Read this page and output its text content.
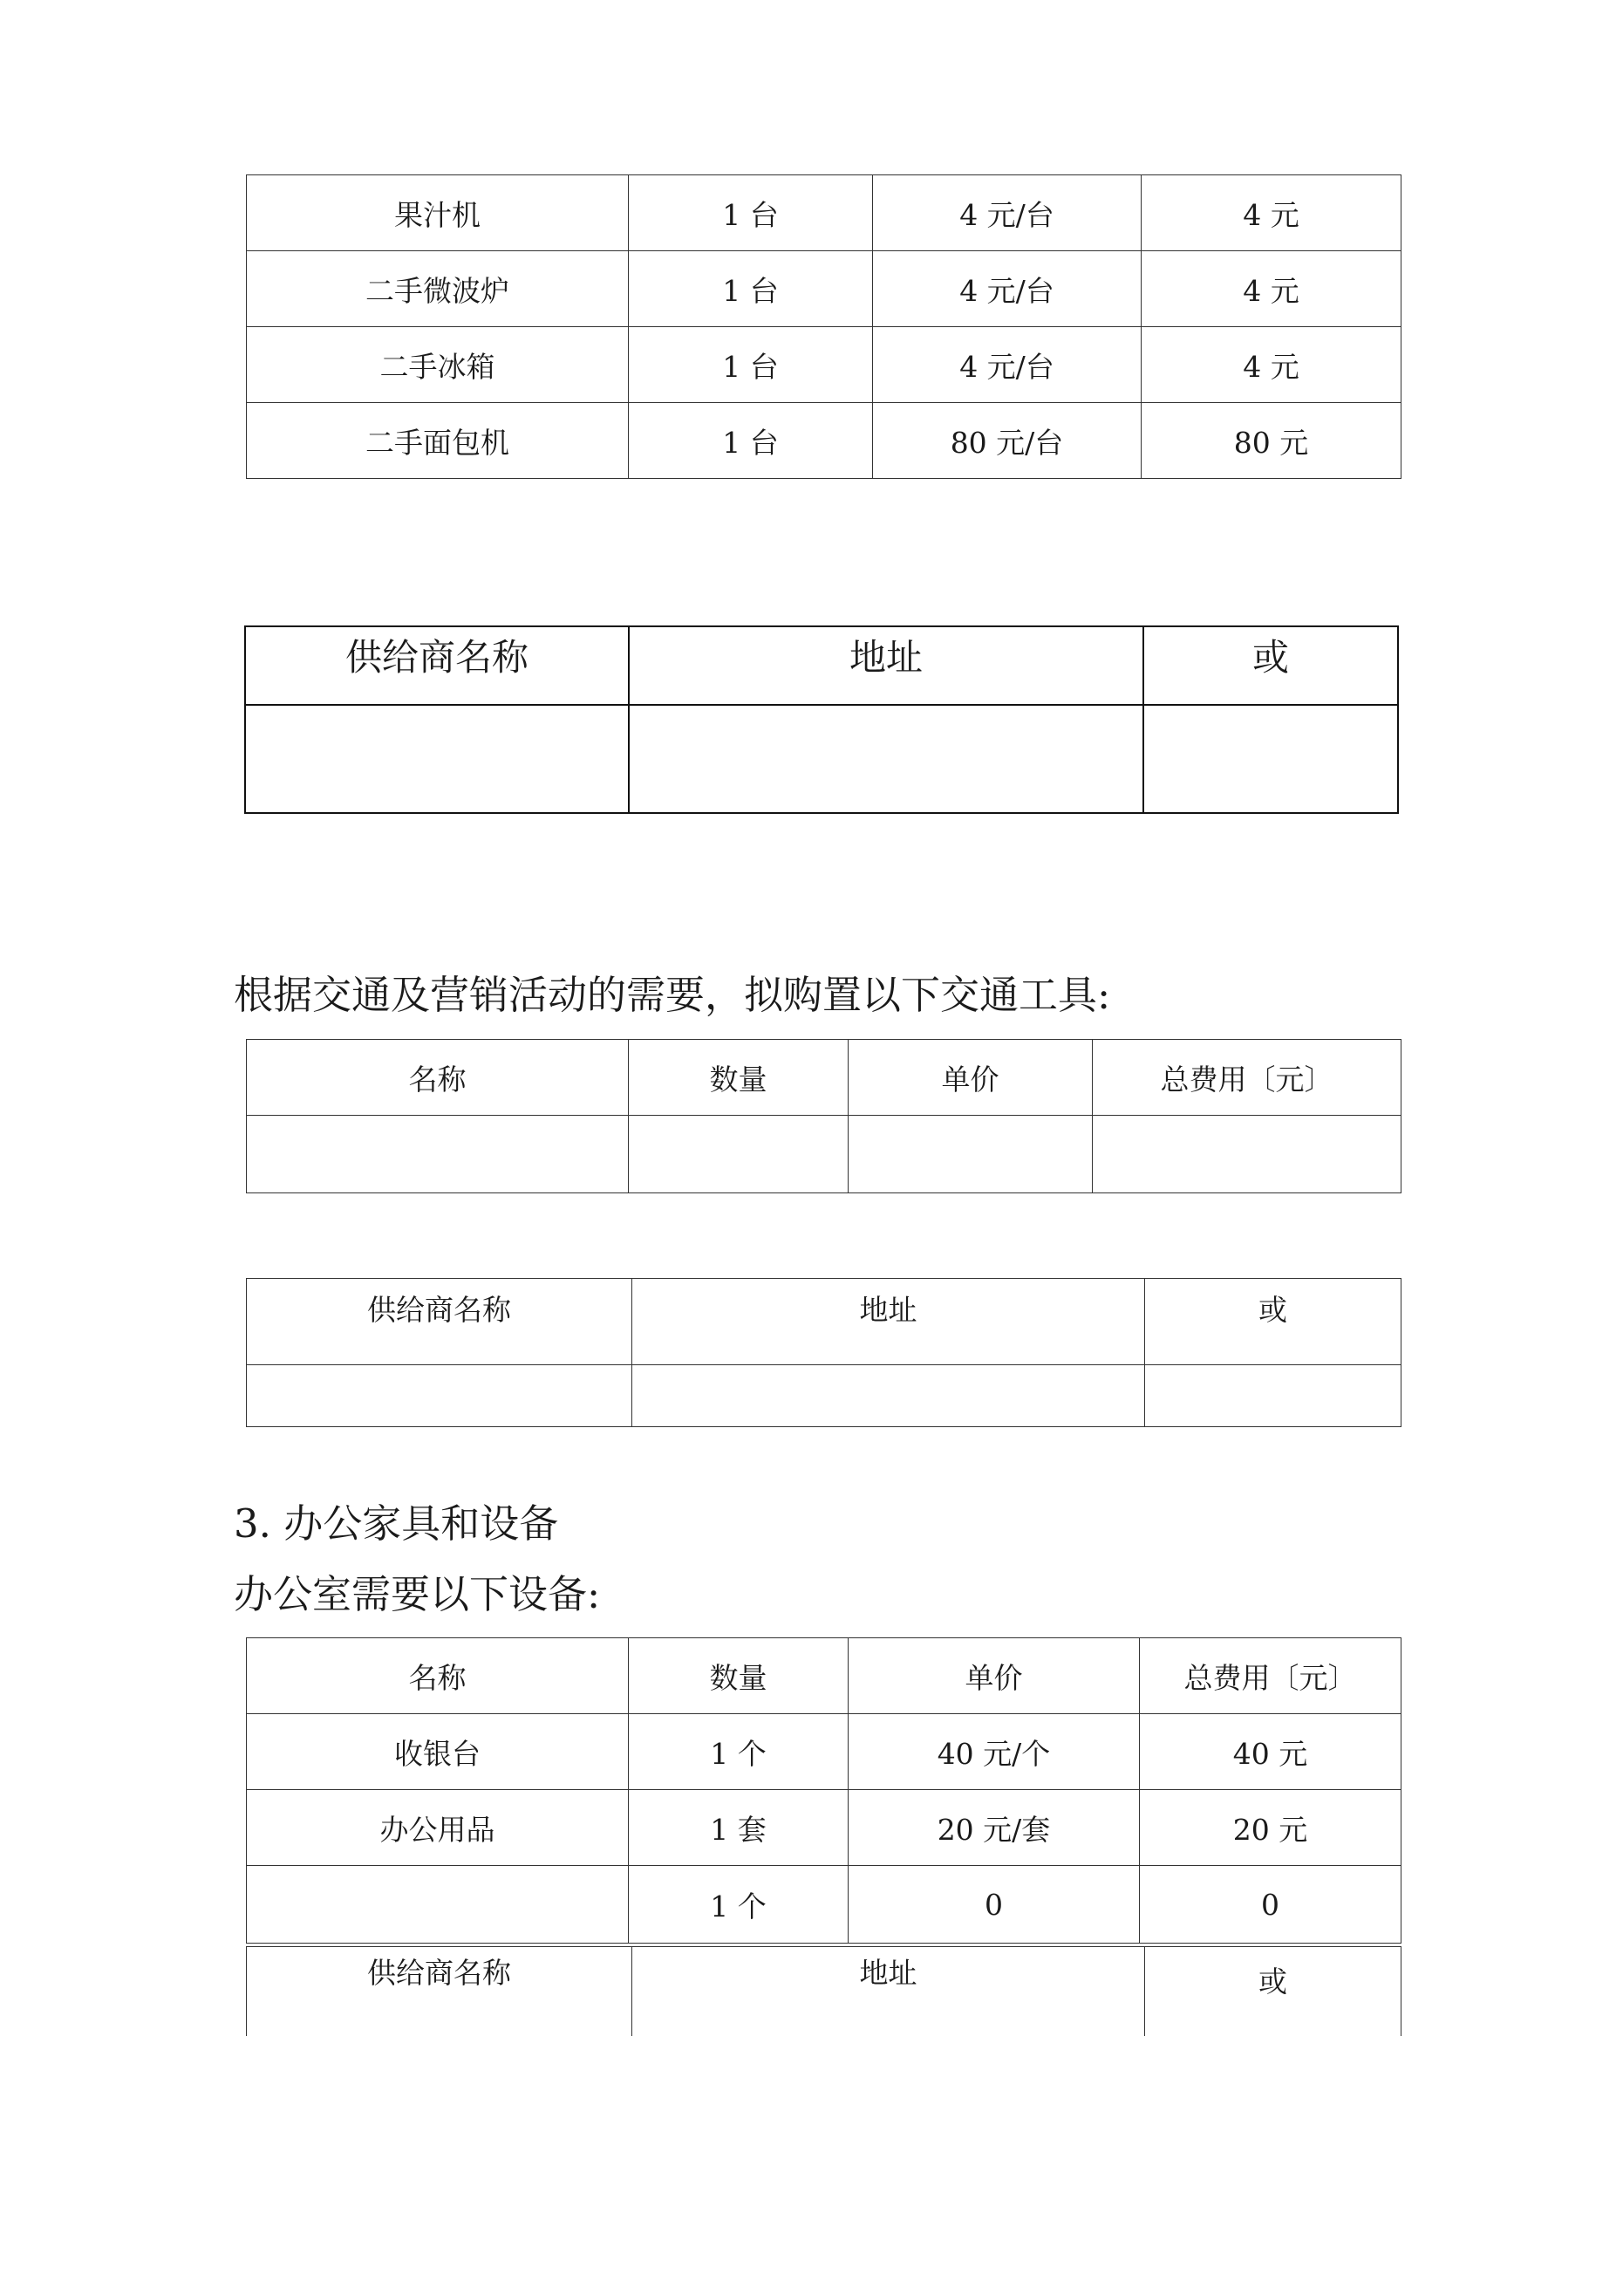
果汁机	1 台	4 元/台	4 元
二手微波炉	1 台	4 元/台	4 元
二手冰箱	1 台	4 元/台	4 元
二手面包机	1 台	80 元/台	80 元
供给商名称	地址	或

根据交通及营销活动的需要，拟购置以下交通工具:

名称	数量	单价	总费用〔元〕

供给商名称	地址	或

3. 办公家具和设备

办公室需要以下设备:

名称	数量	单价	总费用〔元〕
收银台	1 个	40 元/个	40 元
办公用品	1 套	20 元/套	20 元
	1 个	0	0
供给商名称	地址	或
